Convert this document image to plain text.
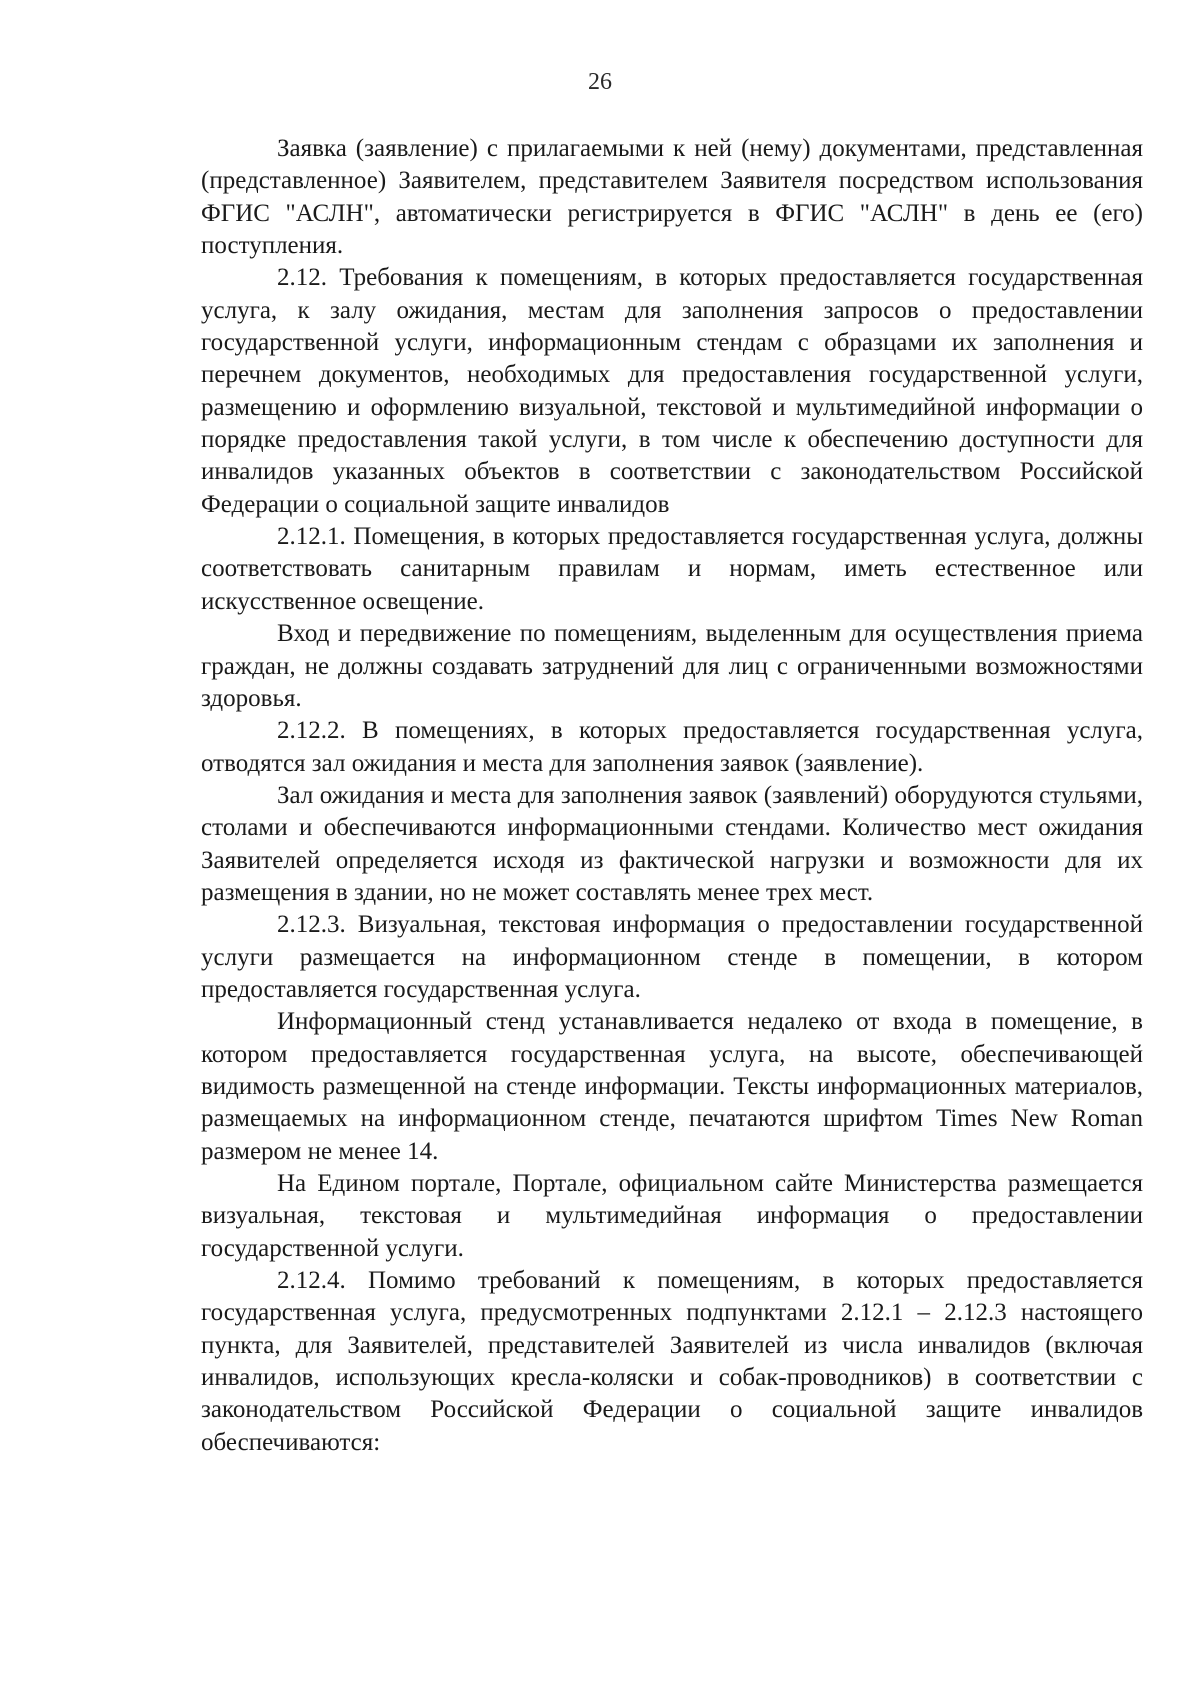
26

Заявка (заявление) с прилагаемыми к ней (нему) документами, представленная (представленное) Заявителем, представителем Заявителя посредством использования ФГИС "АСЛН", автоматически регистрируется в ФГИС "АСЛН" в день ее (его) поступления.

2.12. Требования к помещениям, в которых предоставляется государственная услуга, к залу ожидания, местам для заполнения запросов о предоставлении государственной услуги, информационным стендам с образцами их заполнения и перечнем документов, необходимых для предоставления государственной услуги, размещению и оформлению визуальной, текстовой и мультимедийной информации о порядке предоставления такой услуги, в том числе к обеспечению доступности для инвалидов указанных объектов в соответствии с законодательством Российской Федерации о социальной защите инвалидов

2.12.1. Помещения, в которых предоставляется государственная услуга, должны соответствовать санитарным правилам и нормам, иметь естественное или искусственное освещение.

Вход и передвижение по помещениям, выделенным для осуществления приема граждан, не должны создавать затруднений для лиц с ограниченными возможностями здоровья.

2.12.2. В помещениях, в которых предоставляется государственная услуга, отводятся зал ожидания и места для заполнения заявок (заявление).

Зал ожидания и места для заполнения заявок (заявлений) оборудуются стульями, столами и обеспечиваются информационными стендами. Количество мест ожидания Заявителей определяется исходя из фактической нагрузки и возможности для их размещения в здании, но не может составлять менее трех мест.

2.12.3. Визуальная, текстовая информация о предоставлении государственной услуги размещается на информационном стенде в помещении, в котором предоставляется государственная услуга.

Информационный стенд устанавливается недалеко от входа в помещение, в котором предоставляется государственная услуга, на высоте, обеспечивающей видимость размещенной на стенде информации. Тексты информационных материалов, размещаемых на информационном стенде, печатаются шрифтом Times New Roman размером не менее 14.

На Едином портале, Портале, официальном сайте Министерства размещается визуальная, текстовая и мультимедийная информация о предоставлении государственной услуги.

2.12.4. Помимо требований к помещениям, в которых предоставляется государственная услуга, предусмотренных подпунктами 2.12.1 – 2.12.3 настоящего пункта, для Заявителей, представителей Заявителей из числа инвалидов (включая инвалидов, использующих кресла-коляски и собак-проводников) в соответствии с законодательством Российской Федерации о социальной защите инвалидов обеспечиваются:
